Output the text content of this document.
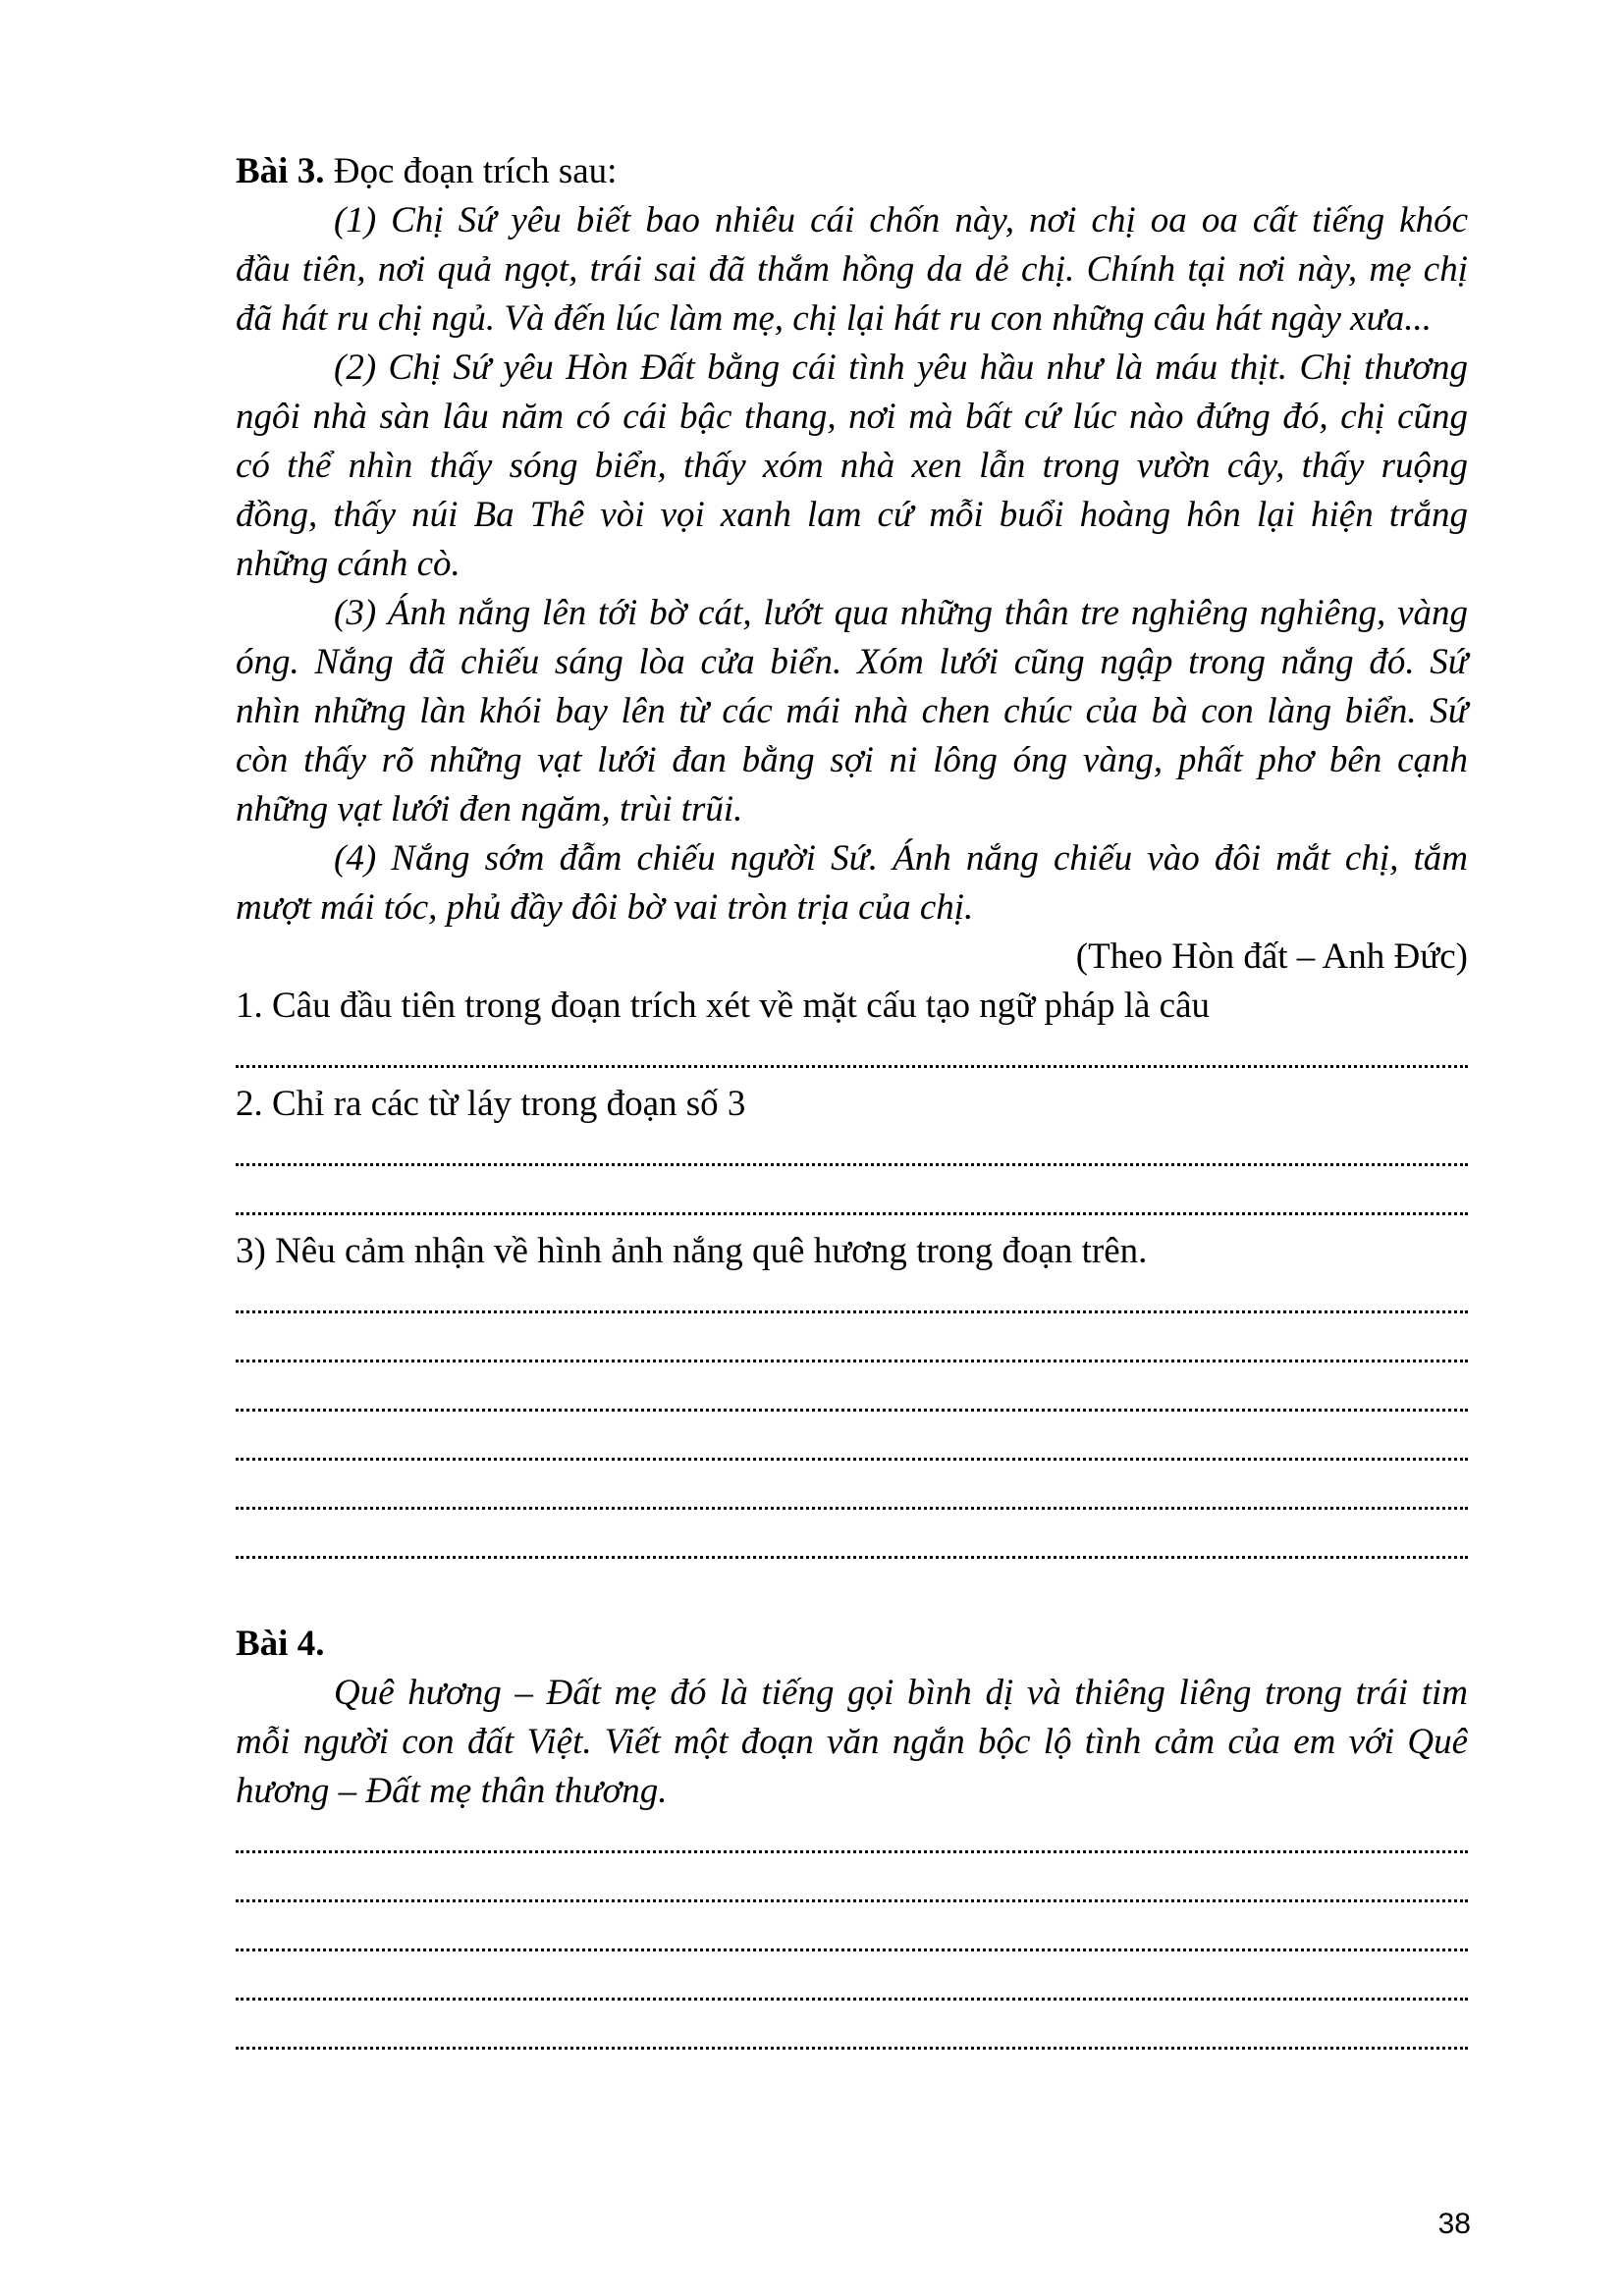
Bài 3. Đọc đoạn trích sau:
(1) Chị Sứ yêu biết bao nhiêu cái chốn này, nơi chị oa oa cất tiếng khóc
đầu tiên, nơi quả ngọt, trái sai đã thắm hồng da dẻ chị. Chính tại nơi này, mẹ chị
đã hát ru chị ngủ. Và đến lúc làm mẹ, chị lại hát ru con những câu hát ngày xưa...
(2) Chị Sứ yêu Hòn Đất bằng cái tình yêu hầu như là máu thịt. Chị thương
ngôi nhà sàn lâu năm có cái bậc thang, nơi mà bất cứ lúc nào đứng đó, chị cũng
có thể nhìn thấy sóng biển, thấy xóm nhà xen lẫn trong vườn cây, thấy ruộng
đồng, thấy núi Ba Thê vòi vọi xanh lam cứ mỗi buổi hoàng hôn lại hiện trắng
những cánh cò.
(3) Ánh nắng lên tới bờ cát, lướt qua những thân tre nghiêng nghiêng, vàng
óng. Nắng đã chiếu sáng lòa cửa biển. Xóm lưới cũng ngập trong nắng đó. Sứ
nhìn những làn khói bay lên từ các mái nhà chen chúc của bà con làng biển. Sứ
còn thấy rõ những vạt lưới đan bằng sợi ni lông óng vàng, phất phơ bên cạnh
những vạt lưới đen ngăm, trùi trũi.
(4) Nắng sớm đẫm chiếu người Sứ. Ánh nắng chiếu vào đôi mắt chị, tắm
mượt mái tóc, phủ đầy đôi bờ vai tròn trịa của chị.
(Theo Hòn đất – Anh Đức)
1. Câu đầu tiên trong đoạn trích xét về mặt cấu tạo ngữ pháp là câu
2. Chỉ ra các từ láy trong đoạn số 3
3) Nêu cảm nhận về hình ảnh nắng quê hương trong đoạn trên.
Bài 4.
Quê hương – Đất mẹ đó là tiếng gọi bình dị và thiêng liêng trong trái tim
mỗi người con đất Việt. Viết một đoạn văn ngắn bộc lộ tình cảm của em với Quê
hương – Đất mẹ thân thương.
38
